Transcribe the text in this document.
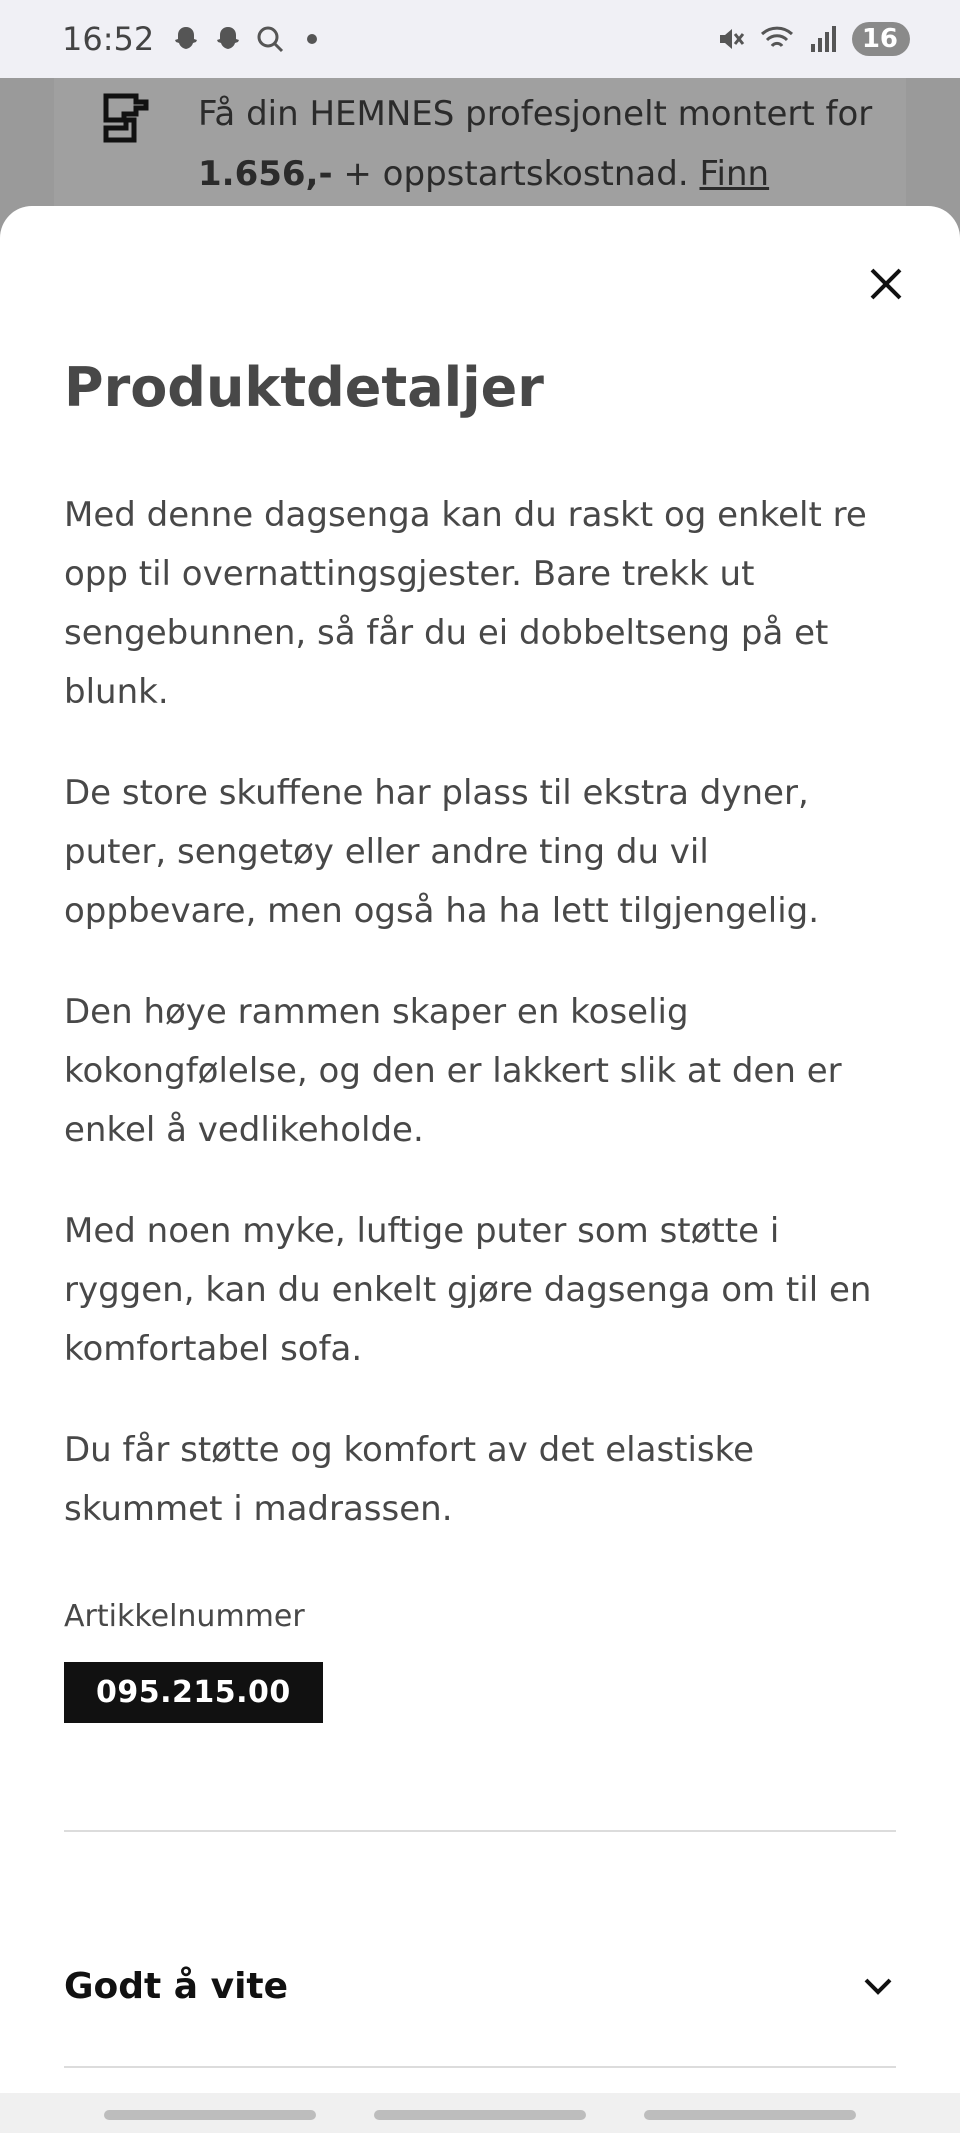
16:52	16
Få din HEMNES profesjonelt montert for 1.656,- + oppstartskostnad. Finn
Produktdetaljer

Med denne dagsenga kan du raskt og enkelt re opp til overnattingsgjester. Bare trekk ut sengebunnen, så får du ei dobbeltseng på et blunk.

De store skuffene har plass til ekstra dyner, puter, sengetøy eller andre ting du vil oppbevare, men også ha ha lett tilgjengelig.

Den høye rammen skaper en koselig kokongfølelse, og den er lakkert slik at den er enkel å vedlikeholde.

Med noen myke, luftige puter som støtte i ryggen, kan du enkelt gjøre dagsenga om til en komfortabel sofa.

Du får støtte og komfort av det elastiske skummet i madrassen.

Artikkelnummer
095.215.00
Godt å vite
